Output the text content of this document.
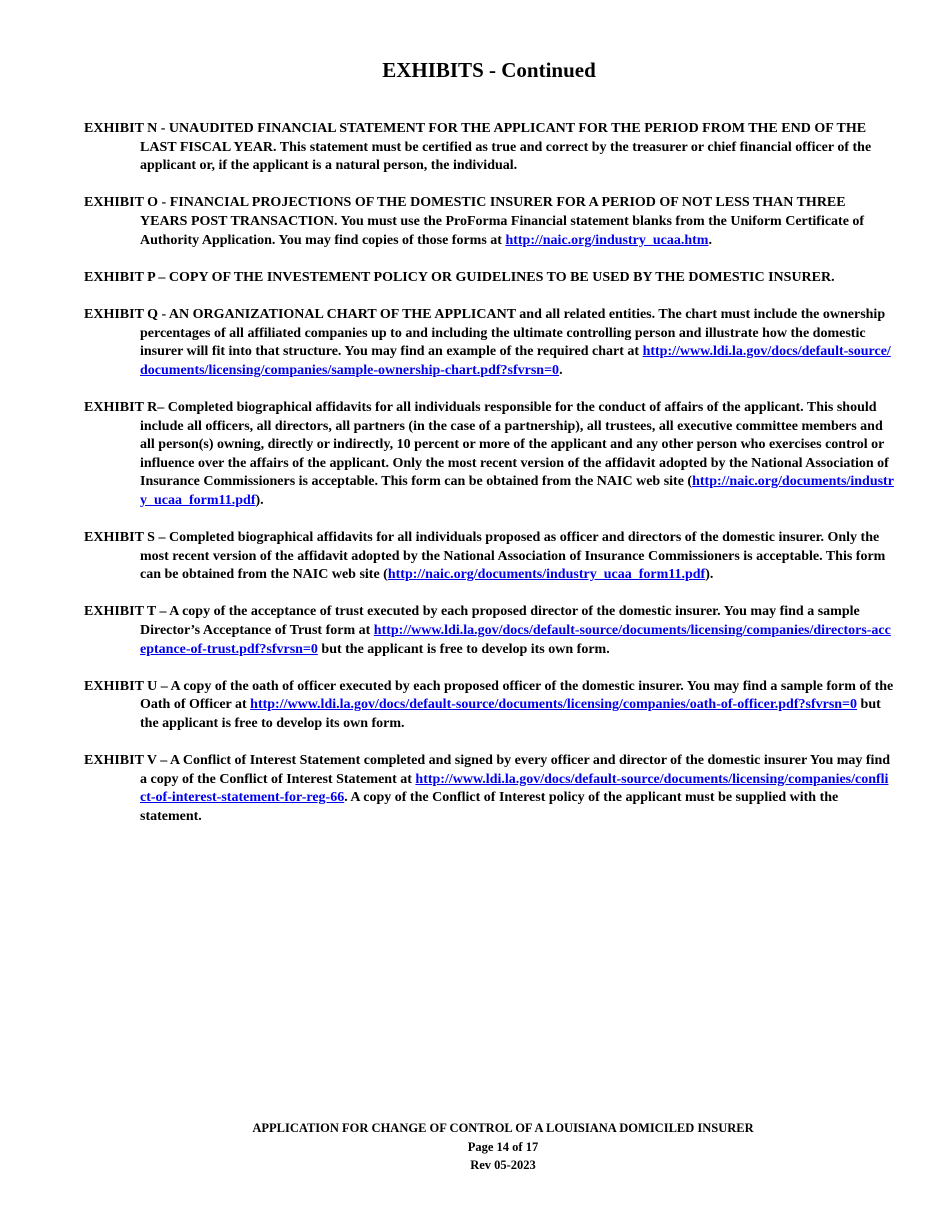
EXHIBITS - Continued

EXHIBIT N - UNAUDITED FINANCIAL STATEMENT FOR THE APPLICANT FOR THE PERIOD FROM THE END OF THE LAST FISCAL YEAR. This statement must be certified as true and correct by the treasurer or chief financial officer of the applicant or, if the applicant is a natural person, the individual.

EXHIBIT O - FINANCIAL PROJECTIONS OF THE DOMESTIC INSURER FOR A PERIOD OF NOT LESS THAN THREE YEARS POST TRANSACTION. You must use the ProForma Financial statement blanks from the Uniform Certificate of Authority Application. You may find copies of those forms at http://naic.org/industry_ucaa.htm.

EXHIBIT P – COPY OF THE INVESTEMENT POLICY OR GUIDELINES TO BE USED BY THE DOMESTIC INSURER.

EXHIBIT Q - AN ORGANIZATIONAL CHART OF THE APPLICANT and all related entities. The chart must include the ownership percentages of all affiliated companies up to and including the ultimate controlling person and illustrate how the domestic insurer will fit into that structure. You may find an example of the required chart at http://www.ldi.la.gov/docs/default-source/documents/licensing/companies/sample-ownership-chart.pdf?sfvrsn=0.

EXHIBIT R– Completed biographical affidavits for all individuals responsible for the conduct of affairs of the applicant. This should include all officers, all directors, all partners (in the case of a partnership), all trustees, all executive committee members and all person(s) owning, directly or indirectly, 10 percent or more of the applicant and any other person who exercises control or influence over the affairs of the applicant. Only the most recent version of the affidavit adopted by the National Association of Insurance Commissioners is acceptable. This form can be obtained from the NAIC web site (http://naic.org/documents/industry_ucaa_form11.pdf).

EXHIBIT S – Completed biographical affidavits for all individuals proposed as officer and directors of the domestic insurer. Only the most recent version of the affidavit adopted by the National Association of Insurance Commissioners is acceptable. This form can be obtained from the NAIC web site (http://naic.org/documents/industry_ucaa_form11.pdf).

EXHIBIT T – A copy of the acceptance of trust executed by each proposed director of the domestic insurer. You may find a sample Director’s Acceptance of Trust form at http://www.ldi.la.gov/docs/default-source/documents/licensing/companies/directors-acceptance-of-trust.pdf?sfvrsn=0 but the applicant is free to develop its own form.

EXHIBIT U – A copy of the oath of officer executed by each proposed officer of the domestic insurer. You may find a sample form of the Oath of Officer at http://www.ldi.la.gov/docs/default-source/documents/licensing/companies/oath-of-officer.pdf?sfvrsn=0 but the applicant is free to develop its own form.

EXHIBIT V – A Conflict of Interest Statement completed and signed by every officer and director of the domestic insurer You may find a copy of the Conflict of Interest Statement at http://www.ldi.la.gov/docs/default-source/documents/licensing/companies/conflict-of-interest-statement-for-reg-66. A copy of the Conflict of Interest policy of the applicant must be supplied with the statement.

APPLICATION FOR CHANGE OF CONTROL OF A LOUISIANA DOMICILED INSURER
Page 14 of 17
Rev 05-2023
